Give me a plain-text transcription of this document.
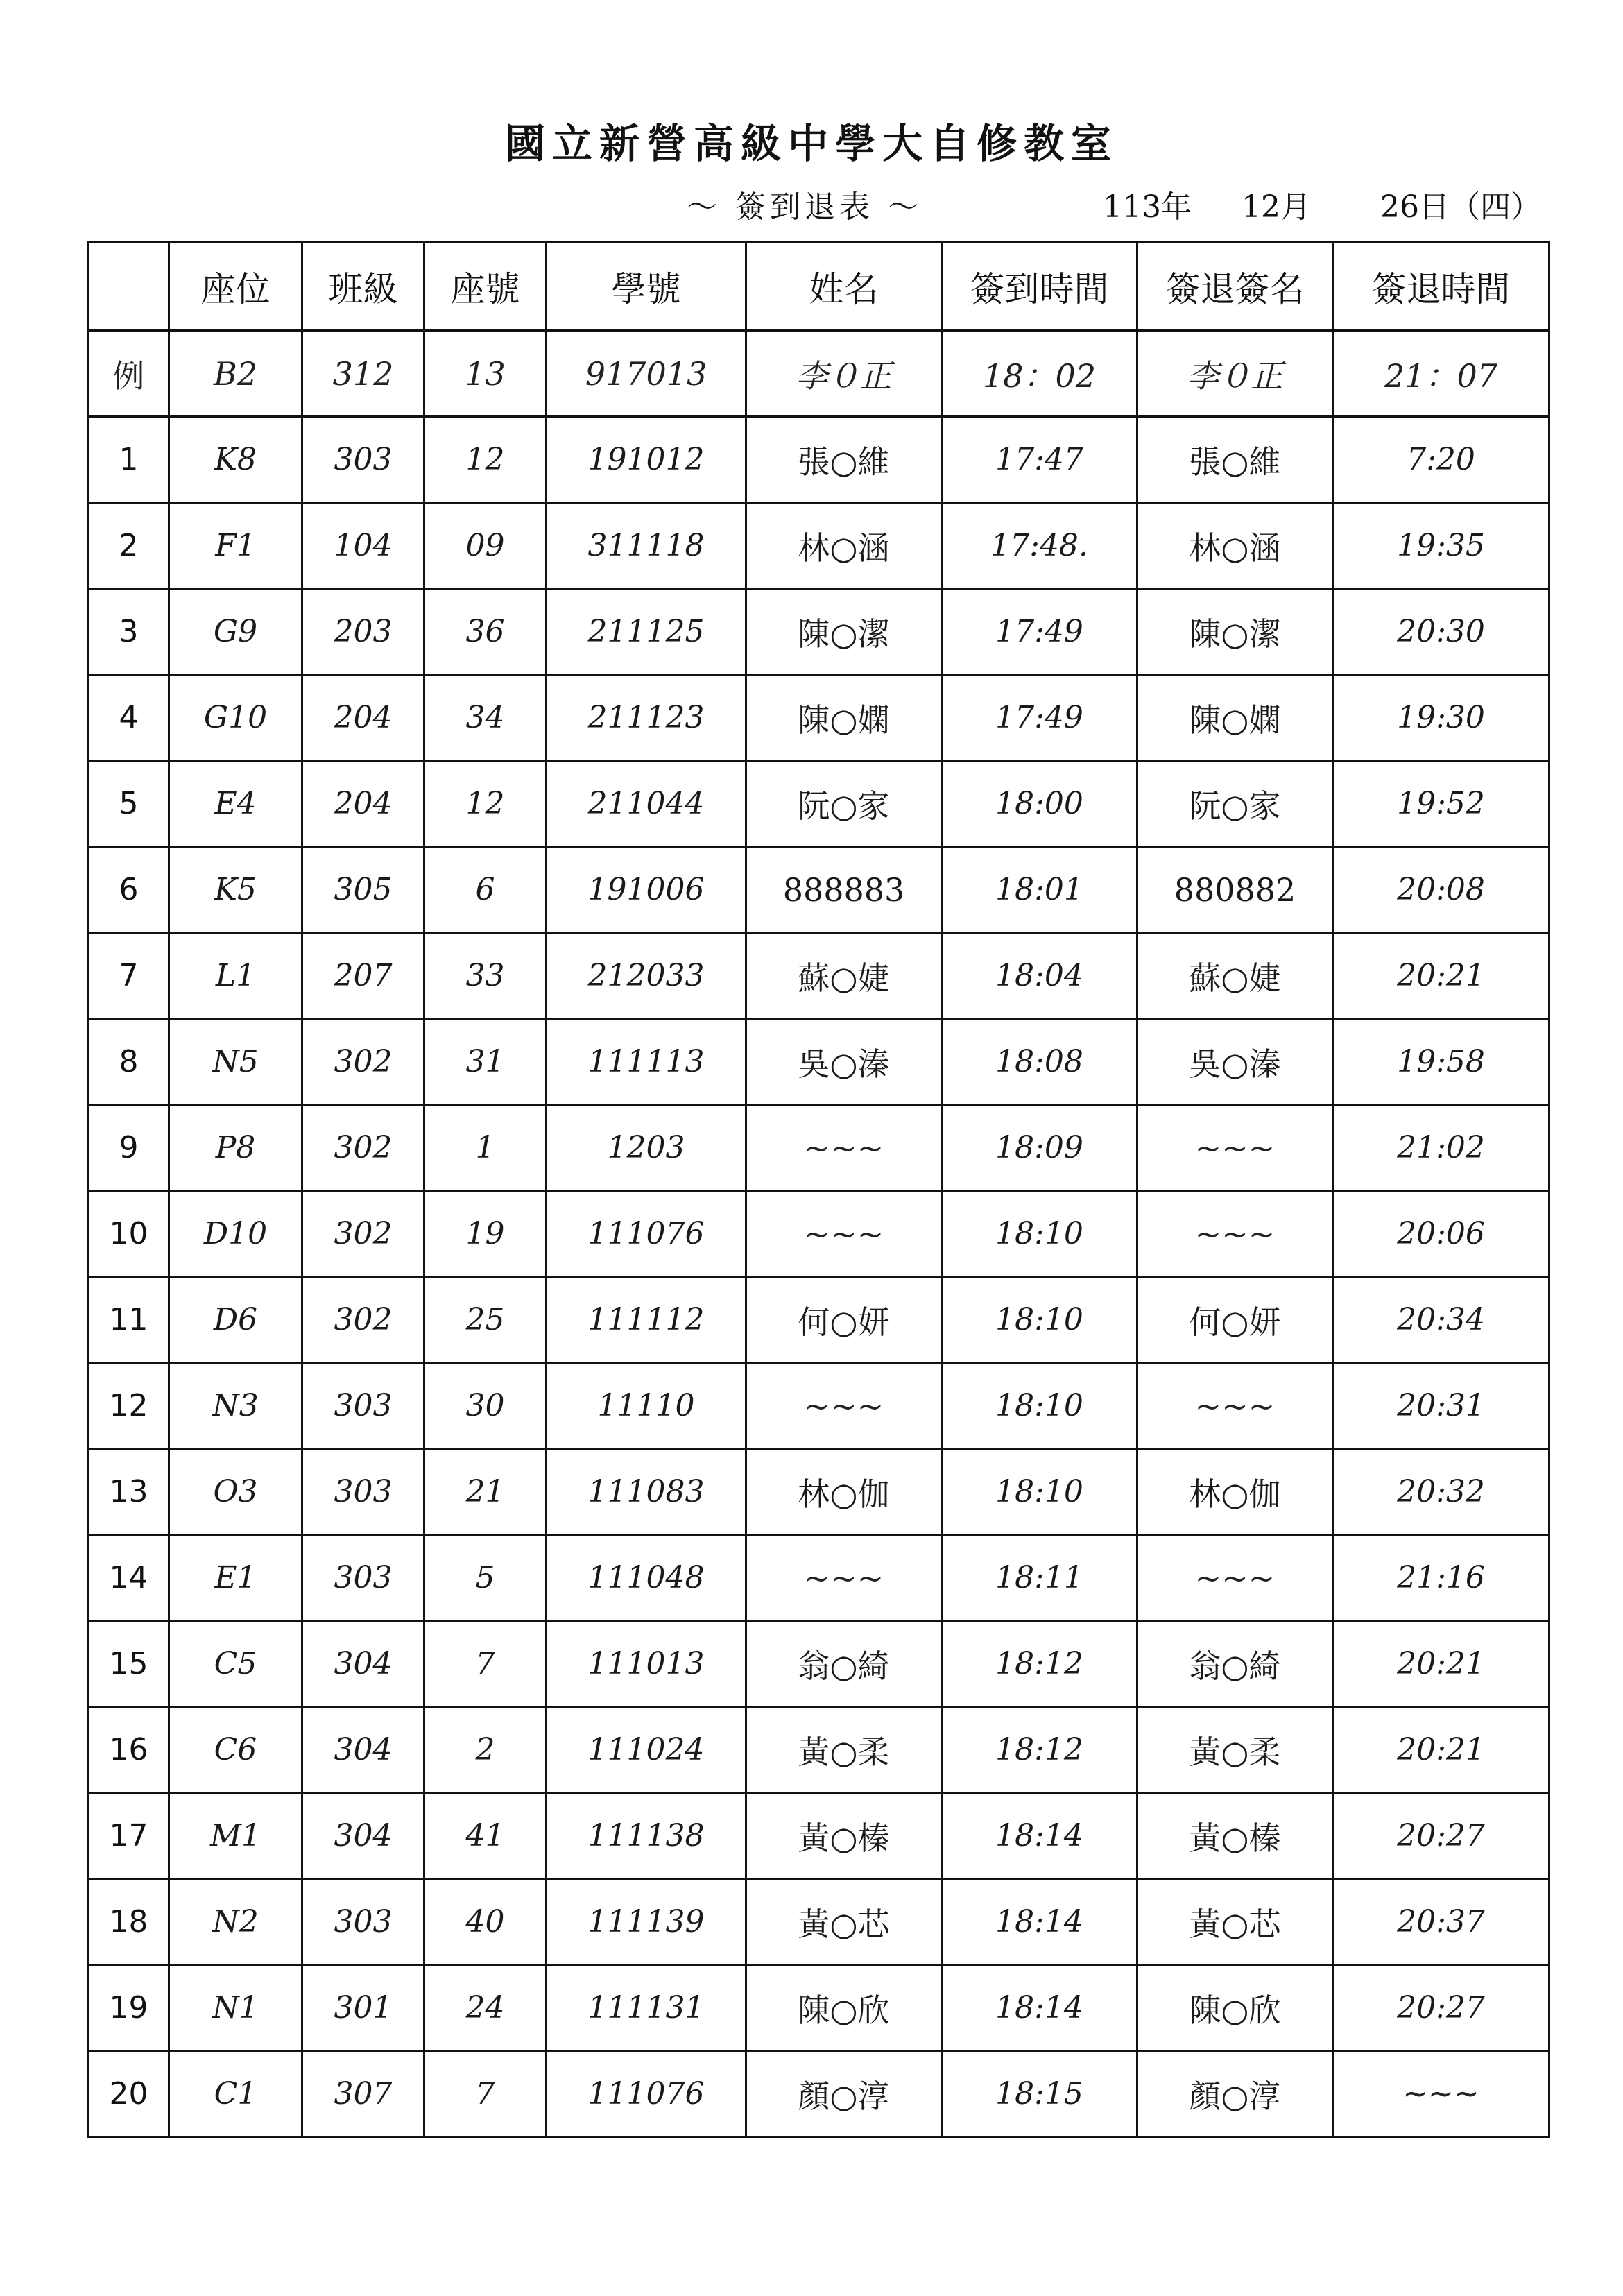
國立新營高級中學大自修教室
～ 簽到退表 ～	113年	12月	26日（四）
	座位	班級	座號	學號	姓名	簽到時間	簽退簽名	簽退時間
例	B2	312	13	917013	李０正	18：02	李０正	21：07
1	K8	303	12	191012	張○維	17:47	張○維	7:20
2	F1	104	09	311118	林○涵	17:48.	林○涵	19:35
3	G9	203	36	211125	陳○潔	17:49	陳○潔	20:30
4	G10	204	34	211123	陳○嫻	17:49	陳○嫻	19:30
5	E4	204	12	211044	阮○家	18:00	阮○家	19:52
6	K5	305	6	191006	888883	18:01	880882	20:08
7	L1	207	33	212033	蘇○婕	18:04	蘇○婕	20:21
8	N5	302	31	111113	吳○溱	18:08	吳○溱	19:58
9	P8	302	1	1203	~~~	18:09	~~~	21:02
10	D10	302	19	111076	~~~	18:10	~~~	20:06
11	D6	302	25	111112	何○妍	18:10	何○妍	20:34
12	N3	303	30	11110	~~~	18:10	~~~	20:31
13	O3	303	21	111083	林○伽	18:10	林○伽	20:32
14	E1	303	5	111048	~~~	18:11	~~~	21:16
15	C5	304	7	111013	翁○綺	18:12	翁○綺	20:21
16	C6	304	2	111024	黃○柔	18:12	黃○柔	20:21
17	M1	304	41	111138	黃○榛	18:14	黃○榛	20:27
18	N2	303	40	111139	黃○芯	18:14	黃○芯	20:37
19	N1	301	24	111131	陳○欣	18:14	陳○欣	20:27
20	C1	307	7	111076	顏○淳	18:15	顏○淳	~~~
